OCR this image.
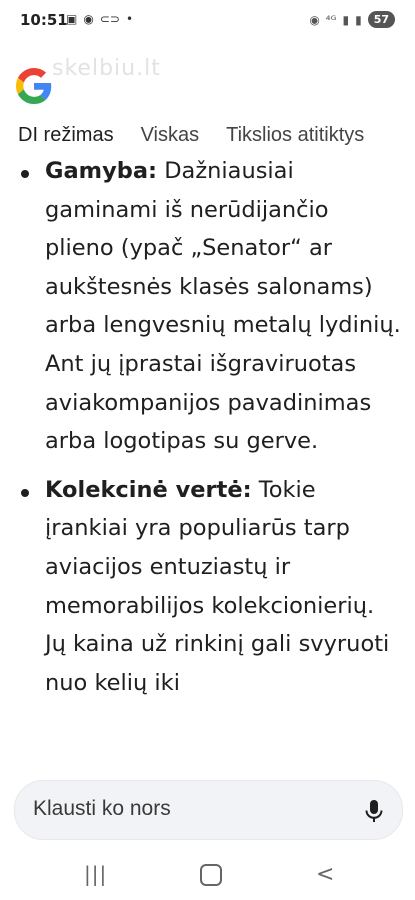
10:51
▣ ◉ ⊂⊃ •	◉ ⁴ᴳ ▮ ▮	57
skelbiu.lt
DI režimas Viskas Tikslios atitiktys
Gamyba: Dažniausiai gaminami iš nerūdijančio plieno (ypač „Senator“ ar aukštesnės klasės salonams) arba lengvesnių metalų lydinių. Ant jų įprastai išgraviruotas aviakompanijos pavadinimas arba logotipas su gerve.
Kolekcinė vertė: Tokie įrankiai yra populiarūs tarp aviacijos entuziastų ir memorabilijos kolekcionierių. Jų kaina už rinkinį gali svyruoti nuo kelių iki
Klausti ko nors
|||	<
